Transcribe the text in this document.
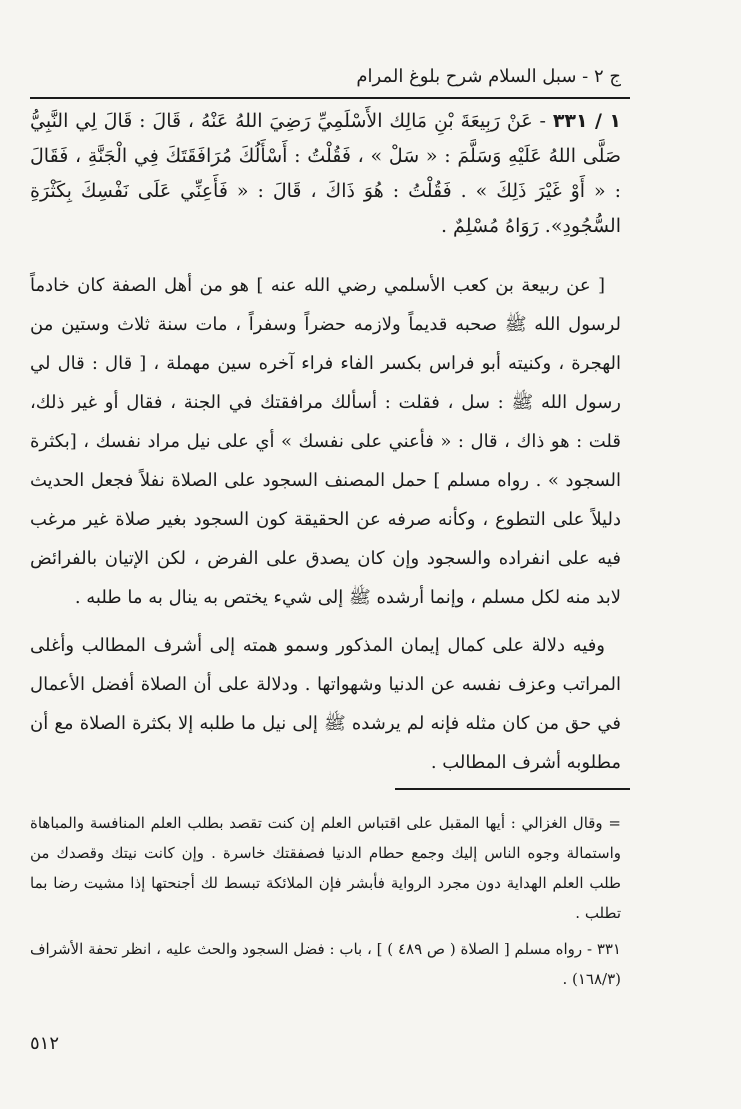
ج ٢ - سبل السلام شرح بلوغ المرام

١ / ٣٣١ - عَنْ رَبِيعَةَ بْنِ مَالِك الأَسْلَمِيِّ رَضِيَ اللهُ عَنْهُ ، قَالَ : قَالَ لِي النَّبِيُّ صَلَّى اللهُ عَلَيْهِ وَسَلَّمَ : « سَلْ » ، فَقُلْتُ : أَسْأَلُكَ مُرَافَقَتَكَ فِي الْجَنَّةِ ، فَقَالَ : « أَوْ غَيْرَ ذَلِكَ » . فَقُلْتُ : هُوَ ذَاكَ ، قَالَ : « فَأَعِنِّي عَلَى نَفْسِكَ بِكَثْرَةِ السُّجُودِ». رَوَاهُ مُسْلِمٌ .

[ عن ربيعة بن كعب الأسلمي رضي الله عنه ] هو من أهل الصفة كان خادماً لرسول الله ﷺ صحبه قديماً ولازمه حضراً وسفراً ، مات سنة ثلاث وستين من الهجرة ، وكنيته أبو فراس بكسر الفاء فراء آخره سين مهملة ، [ قال : قال لي رسول الله ﷺ : سل ، فقلت : أسألك مرافقتك في الجنة ، فقال أو غير ذلك، قلت : هو ذاك ، قال : « فأعني على نفسك » أي على نيل مراد نفسك ، [بكثرة السجود » . رواه مسلم ] حمل المصنف السجود على الصلاة نفلاً فجعل الحديث دليلاً على التطوع ، وكأنه صرفه عن الحقيقة كون السجود بغير صلاة غير مرغب فيه على انفراده والسجود وإن كان يصدق على الفرض ، لكن الإتيان بالفرائض لابد منه لكل مسلم ، وإنما أرشده ﷺ إلى شيء يختص به ينال به ما طلبه .

وفيه دلالة على كمال إيمان المذكور وسمو همته إلى أشرف المطالب وأغلى المراتب وعزف نفسه عن الدنيا وشهواتها . ودلالة على أن الصلاة أفضل الأعمال في حق من كان مثله فإنه لم يرشده ﷺ إلى نيل ما طلبه إلا بكثرة الصلاة مع أن مطلوبه أشرف المطالب .

= وقال الغزالي : أيها المقبل على اقتباس العلم إن كنت تقصد بطلب العلم المنافسة والمباهاة واستمالة وجوه الناس إليك وجمع حطام الدنيا فصفقتك خاسرة . وإن كانت نيتك وقصدك من طلب العلم الهداية دون مجرد الرواية فأبشر فإن الملائكة تبسط لك أجنحتها إذا مشيت رضا بما تطلب .

٣٣١ - رواه مسلم [ الصلاة ( ص ٤٨٩ ) ] ، باب : فضل السجود والحث عليه ، انظر تحفة الأشراف (١٦٨/٣) .

٥١٢
